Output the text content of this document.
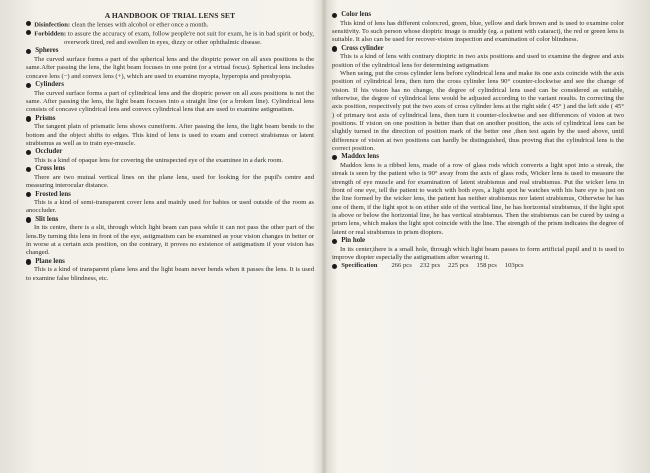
A HANDBOOK OF TRIAL LENS SET

Disinfection: clean the lenses with alcohol or ether once a month.

Forbidden: to assure the accuracy of exam, follow people're not suit for exam, he is in bad spirit or body, overwork tired, red and swollen in eyes, dizzy or other ophthalmic disease.

Spheres

The curved surface forms a part of the spherical lens and the dioptric power on all axes positions is the same.After passing the lens, the light beam focuses in one point (or a virtual focus). Spherical lens includes concave lens (−) and convex lens (+), which are used to examine myopia, hyperopia and presbyopia.

Cylinders

The curved surface forms a part of cylindrical lens and the dioptric power on all axes positions is not the same. After passing the lens, the light beam focuses into a straight line (or a broken line). Cylindrical lens consists of concave cylindrical lens and convex cylindrical lens that are used to examine astigmatism.

Prisms

The tangent plain of prismatic lens shows cuneiform. After passing the lens, the light beam bends to the bottom and the object shifts to edges. This kind of lens is used to exam and correct strabismus or latent strabismus as well as to train eye-muscle.

Occluder

This is a kind of opaque lens for covering the uninspected eye of the examinee in a dark room.

Cross lens

There are two mutual vertical lines on the plane lens, used for looking for the pupil's centre and measuring interocular distance.

Frosted lens

This is a kind of semi-transparent cover lens and mainly used for babies or used outside of the room as anoccluder.

Slit lens

In its centre, there is a slit, through which light beam can pass while it can not pass the other part of the lens.By turning this lens in front of the eye, astigmatism can be examined as your vision changes in better or in worse at a certain axis position, on the contrary, it proves no existence of astigmatism if your vision has changed.

Plane lens

This is a kind of transparent plane lens and the light beam never bends when it passes the lens. It is used to examine false blindness, etc.

Color lens

This kind of lens has different colors:red, green, blue, yellow and dark brown and is used to examine color sensitivity. To such person whose dioptric image is muddy (eg. a patient with cataract), the red or green lens is suitable. It also can be used for recover-vision inspection and examination of color blindness.

Cross cylinder

This is a kind of lens with contrary dioptric in two axis positions and used to examine the degree and axis position of the cylindrical lens for determining astigmatism

When using, put the cross cylinder lens before cylindrical lens and make its one axis coincide with the axis position of cylindrical lens, then turn the cross cylinder lens 90° counter-clockwise and see the change of vision. If his vision has no change, the degree of cylindrical lens used can be considered as suitable, otherwise, the degree of cylindrical lens would be adjusted according to the variant results. In correcting the axis position, respectively put the two axes of cross cylinder lens at the right side ( 45° ) and the left side ( 45° ) of primary test axis of cylindrical lens, then turn it counter-clockwise and see differences of vision at two positions. If vision on one position is better than that on another position, the axis of cylindrical lens can be slightly turned in the direction of position mark of the better one ,then test again by the used above, until difference of vision at two positions can hardly be distinguished, thus proving that the cylindrical lens is the correct position.

Maddox lens

Maddox lens is a ribbed lens, made of a row of glass rods which converts a light spot into a streak, the streak is seen by the patient who is 90° away from the axis of glass rods, Wicker lens is used to measure the strength of eye muscle and for examination of latent strabismus and real strabismus. Put the wicker lens in front of one eye, tell the patient to watch with both eyes, a light spot he watches with his bare eye is just on the line formed by the wicker lens, the patient has neither strabismus nor latent strabismus, Otherwise he has one of them, if the light spot is on either side of the vertical line, he has horizontal strabismus, if the light spot is above or below the horizontal line, he has vertical strabismus. Then the strabismus can be cured by using a prism lens, which makes the light spot coincide with the line. The strength of the prism indicates the degree of latent or real strabismus in prism diopters.

Pin hole

In its center,there is a small hole, through which light beam passes to form artificial pupil and it is used to improve diopter especially the astigmatism after wearing it.

Specification 266 pcs 232 pcs 225 pcs 158 pcs 103pcs
